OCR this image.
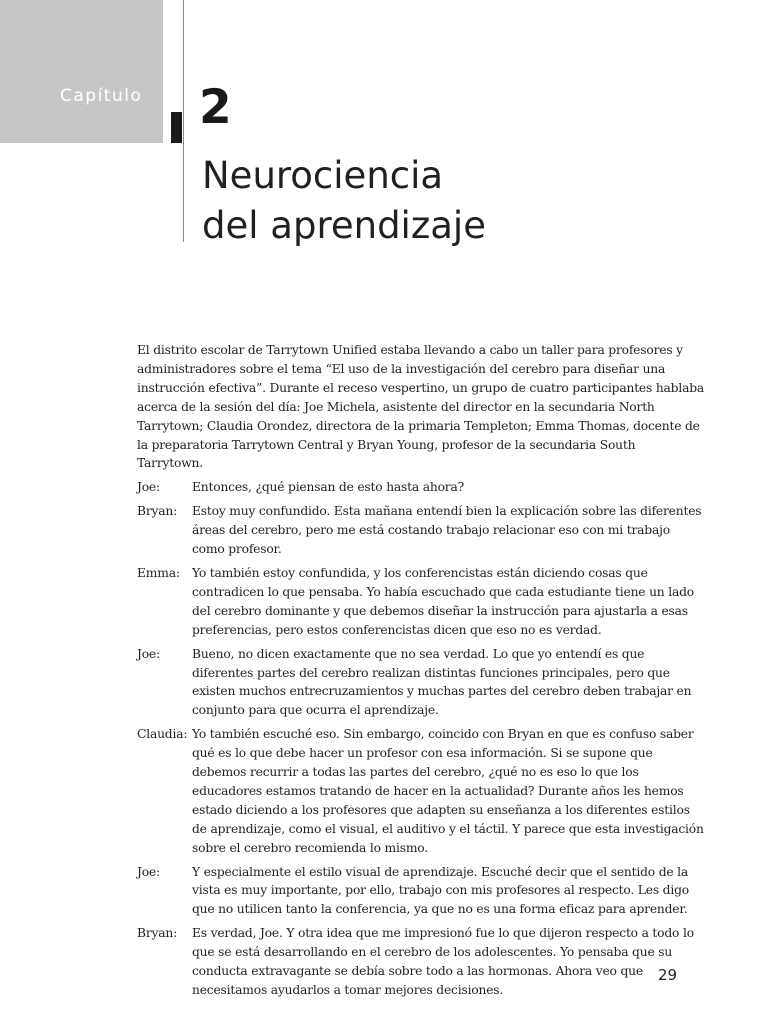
Capítulo 2
Neurociencia
del aprendizaje

El distrito escolar de Tarrytown Unified estaba llevando a cabo un taller para profesores y administradores sobre el tema “El uso de la investigación del cerebro para diseñar una instrucción efectiva”. Durante el receso vespertino, un grupo de cuatro participantes hablaba acerca de la sesión del día: Joe Michela, asistente del director en la secundaria North Tarrytown; Claudia Orondez, directora de la primaria Templeton; Emma Thomas, docente de la preparatoria Tarrytown Central y Bryan Young, profesor de la secundaria South Tarrytown.

Joe:	Entonces, ¿qué piensan de esto hasta ahora?
Bryan:	Estoy muy confundido. Esta mañana entendí bien la explicación sobre las diferentes áreas del cerebro, pero me está costando trabajo relacionar eso con mi trabajo como profesor.
Emma: Yo también estoy confundida, y los conferencistas están diciendo cosas que contradicen lo que pensaba. Yo había escuchado que cada estudiante tiene un lado del cerebro dominante y que debemos diseñar la instrucción para ajustarla a esas preferencias, pero estos conferencistas dicen que eso no es verdad.
Joe:	Bueno, no dicen exactamente que no sea verdad. Lo que yo entendí es que diferentes partes del cerebro realizan distintas funciones principales, pero que existen muchos entrecruzamientos y muchas partes del cerebro deben trabajar en conjunto para que ocurra el aprendizaje.
Claudia: Yo también escuché eso. Sin embargo, coincido con Bryan en que es confuso saber qué es lo que debe hacer un profesor con esa información. Si se supone que debemos recurrir a todas las partes del cerebro, ¿qué no es eso lo que los educadores estamos tratando de hacer en la actualidad? Durante años les hemos estado diciendo a los profesores que adapten su enseñanza a los diferentes estilos de aprendizaje, como el visual, el auditivo y el táctil. Y parece que esta investigación sobre el cerebro recomienda lo mismo.
Joe:	Y especialmente el estilo visual de aprendizaje. Escuché decir que el sentido de la vista es muy importante, por ello, trabajo con mis profesores al respecto. Les digo que no utilicen tanto la conferencia, ya que no es una forma eficaz para aprender.
Bryan:	Es verdad, Joe. Y otra idea que me impresionó fue lo que dijeron respecto a todo lo que se está desarrollando en el cerebro de los adolescentes. Yo pensaba que su conducta extravagante se debía sobre todo a las hormonas. Ahora veo que necesitamos ayudarlos a tomar mejores decisiones.
29
